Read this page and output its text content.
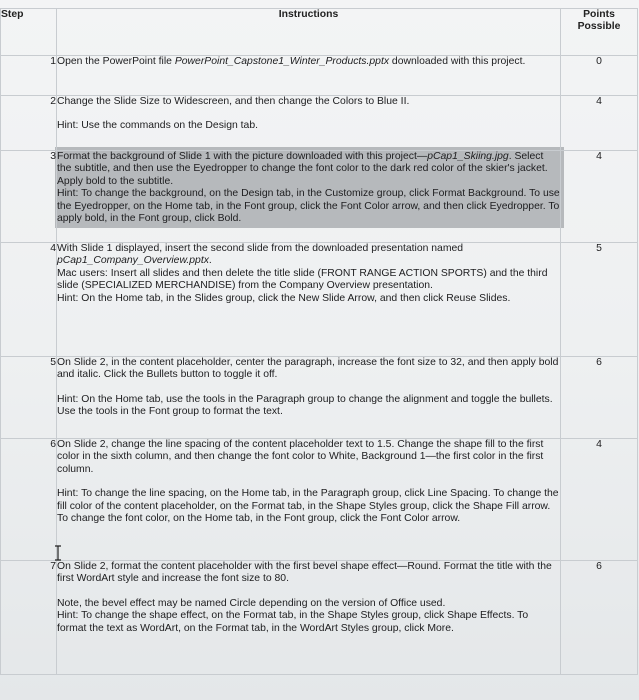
Step	Instructions	Points
Possible
1	Open the PowerPoint file PowerPoint_Capstone1_Winter_Products.pptx downloaded with this project.	0
2	Change the Slide Size to Widescreen, and then change the Colors to Blue II.

Hint: Use the commands on the Design tab.	4
3	Format the background of Slide 1 with the picture downloaded with this project—pCap1_Skiing.jpg. Select the subtitle, and then use the Eyedropper to change the font color to the dark red color of the skier's jacket. Apply bold to the subtitle.

Hint: To change the background, on the Design tab, in the Customize group, click Format Background. To use the Eyedropper, on the Home tab, in the Font group, click the Font Color arrow, and then click Eyedropper. To apply bold, in the Font group, click Bold.	4
4	With Slide 1 displayed, insert the second slide from the downloaded presentation named pCap1_Company_Overview.pptx.

Mac users: Insert all slides and then delete the title slide (FRONT RANGE ACTION SPORTS) and the third slide (SPECIALIZED MERCHANDISE) from the Company Overview presentation.

Hint: On the Home tab, in the Slides group, click the New Slide Arrow, and then click Reuse Slides.	5
5	On Slide 2, in the content placeholder, center the paragraph, increase the font size to 32, and then apply bold and italic. Click the Bullets button to toggle it off.

Hint: On the Home tab, use the tools in the Paragraph group to change the alignment and toggle the bullets. Use the tools in the Font group to format the text.	6
6	On Slide 2, change the line spacing of the content placeholder text to 1.5. Change the shape fill to the first color in the sixth column, and then change the font color to White, Background 1—the first color in the first column.

Hint: To change the line spacing, on the Home tab, in the Paragraph group, click Line Spacing. To change the fill color of the content placeholder, on the Format tab, in the Shape Styles group, click the Shape Fill arrow. To change the font color, on the Home tab, in the Font group, click the Font Color arrow.	4
7	On Slide 2, format the content placeholder with the first bevel shape effect—Round. Format the title with the first WordArt style and increase the font size to 80.

Note, the bevel effect may be named Circle depending on the version of Office used.

Hint: To change the shape effect, on the Format tab, in the Shape Styles group, click Shape Effects. To format the text as WordArt, on the Format tab, in the WordArt Styles group, click More.	6
